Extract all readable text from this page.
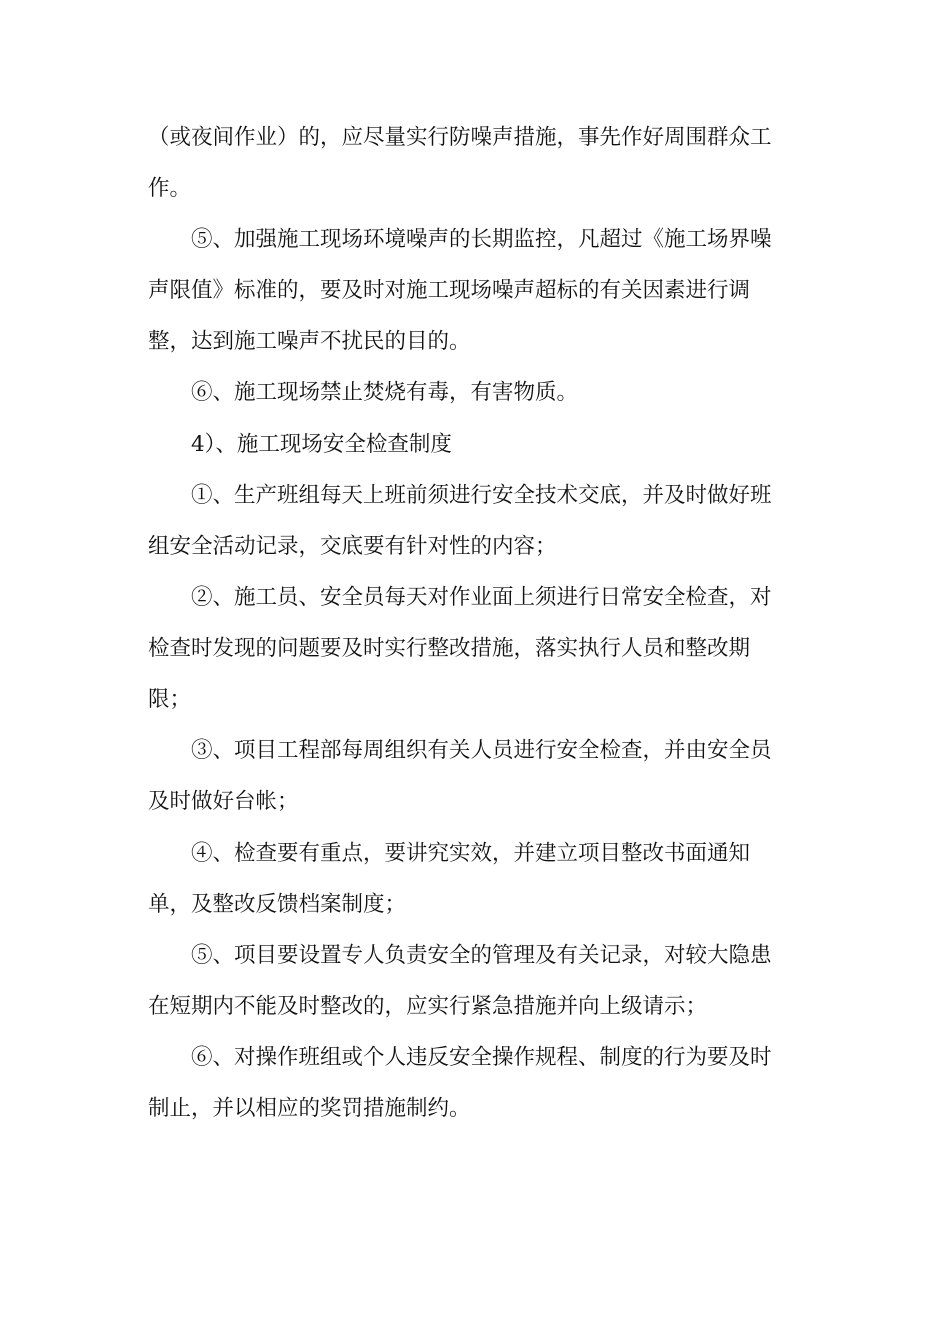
（或夜间作业）的，应尽量实行防噪声措施，事先作好周围群众工
作。
⑤、加强施工现场环境噪声的长期监控，凡超过《施工场界噪
声限值》标准的，要及时对施工现场噪声超标的有关因素进行调
整，达到施工噪声不扰民的目的。
⑥、施工现场禁止焚烧有毒，有害物质。
4）、施工现场安全检查制度
①、生产班组每天上班前须进行安全技术交底，并及时做好班
组安全活动记录，交底要有针对性的内容；
②、施工员、安全员每天对作业面上须进行日常安全检查，对
检查时发现的问题要及时实行整改措施，落实执行人员和整改期
限；
③、项目工程部每周组织有关人员进行安全检查，并由安全员
及时做好台帐；
④、检查要有重点，要讲究实效，并建立项目整改书面通知
单，及整改反馈档案制度；
⑤、项目要设置专人负责安全的管理及有关记录，对较大隐患
在短期内不能及时整改的，应实行紧急措施并向上级请示；
⑥、对操作班组或个人违反安全操作规程、制度的行为要及时
制止，并以相应的奖罚措施制约。
